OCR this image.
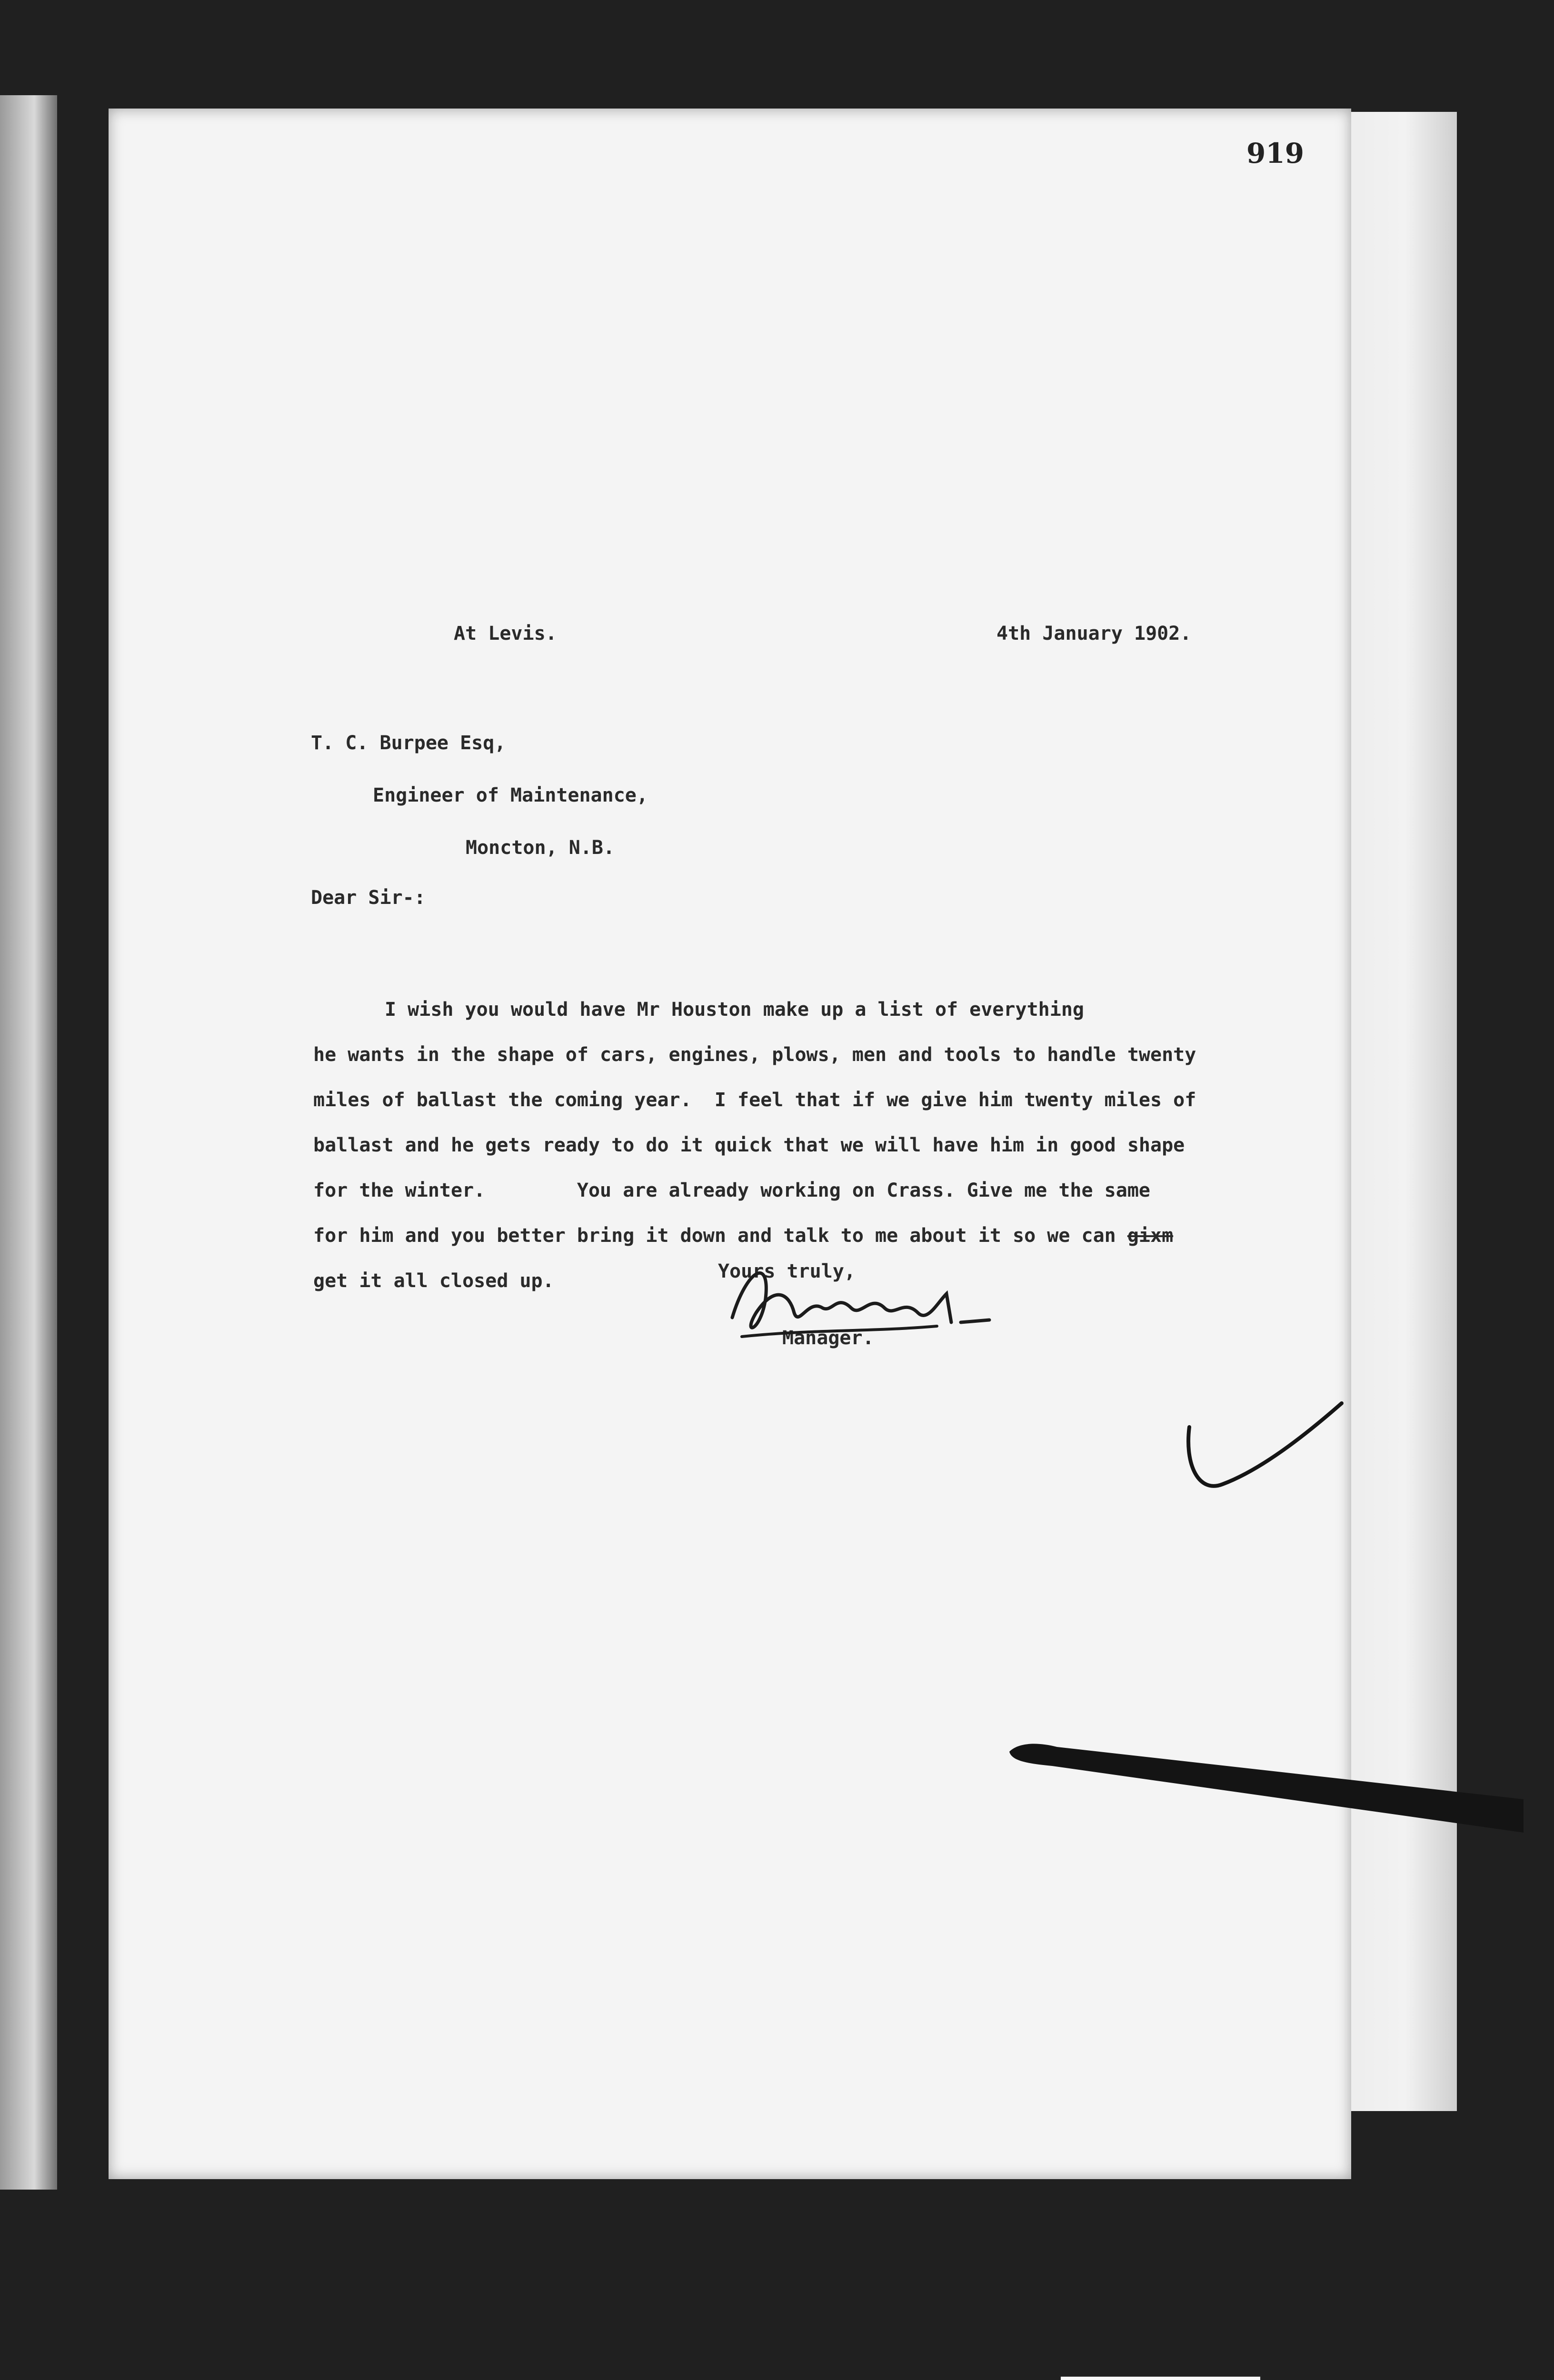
919
At Levis.	4th January 1902.
T. C. Burpee Esq,
Engineer of Maintenance,
Moncton, N.B.
Dear Sir-:
I wish you would have Mr Houston make up a list of everything
he wants in the shape of cars, engines, plows, men and tools to handle twenty
miles of ballast the coming year.  I feel that if we give him twenty miles of
ballast and he gets ready to do it quick that we will have him in good shape
for the winter.        You are already working on Crass. Give me the same
for him and you better bring it down and talk to me about it so we can gixm
get it all closed up.	Yours truly,
Manager.
